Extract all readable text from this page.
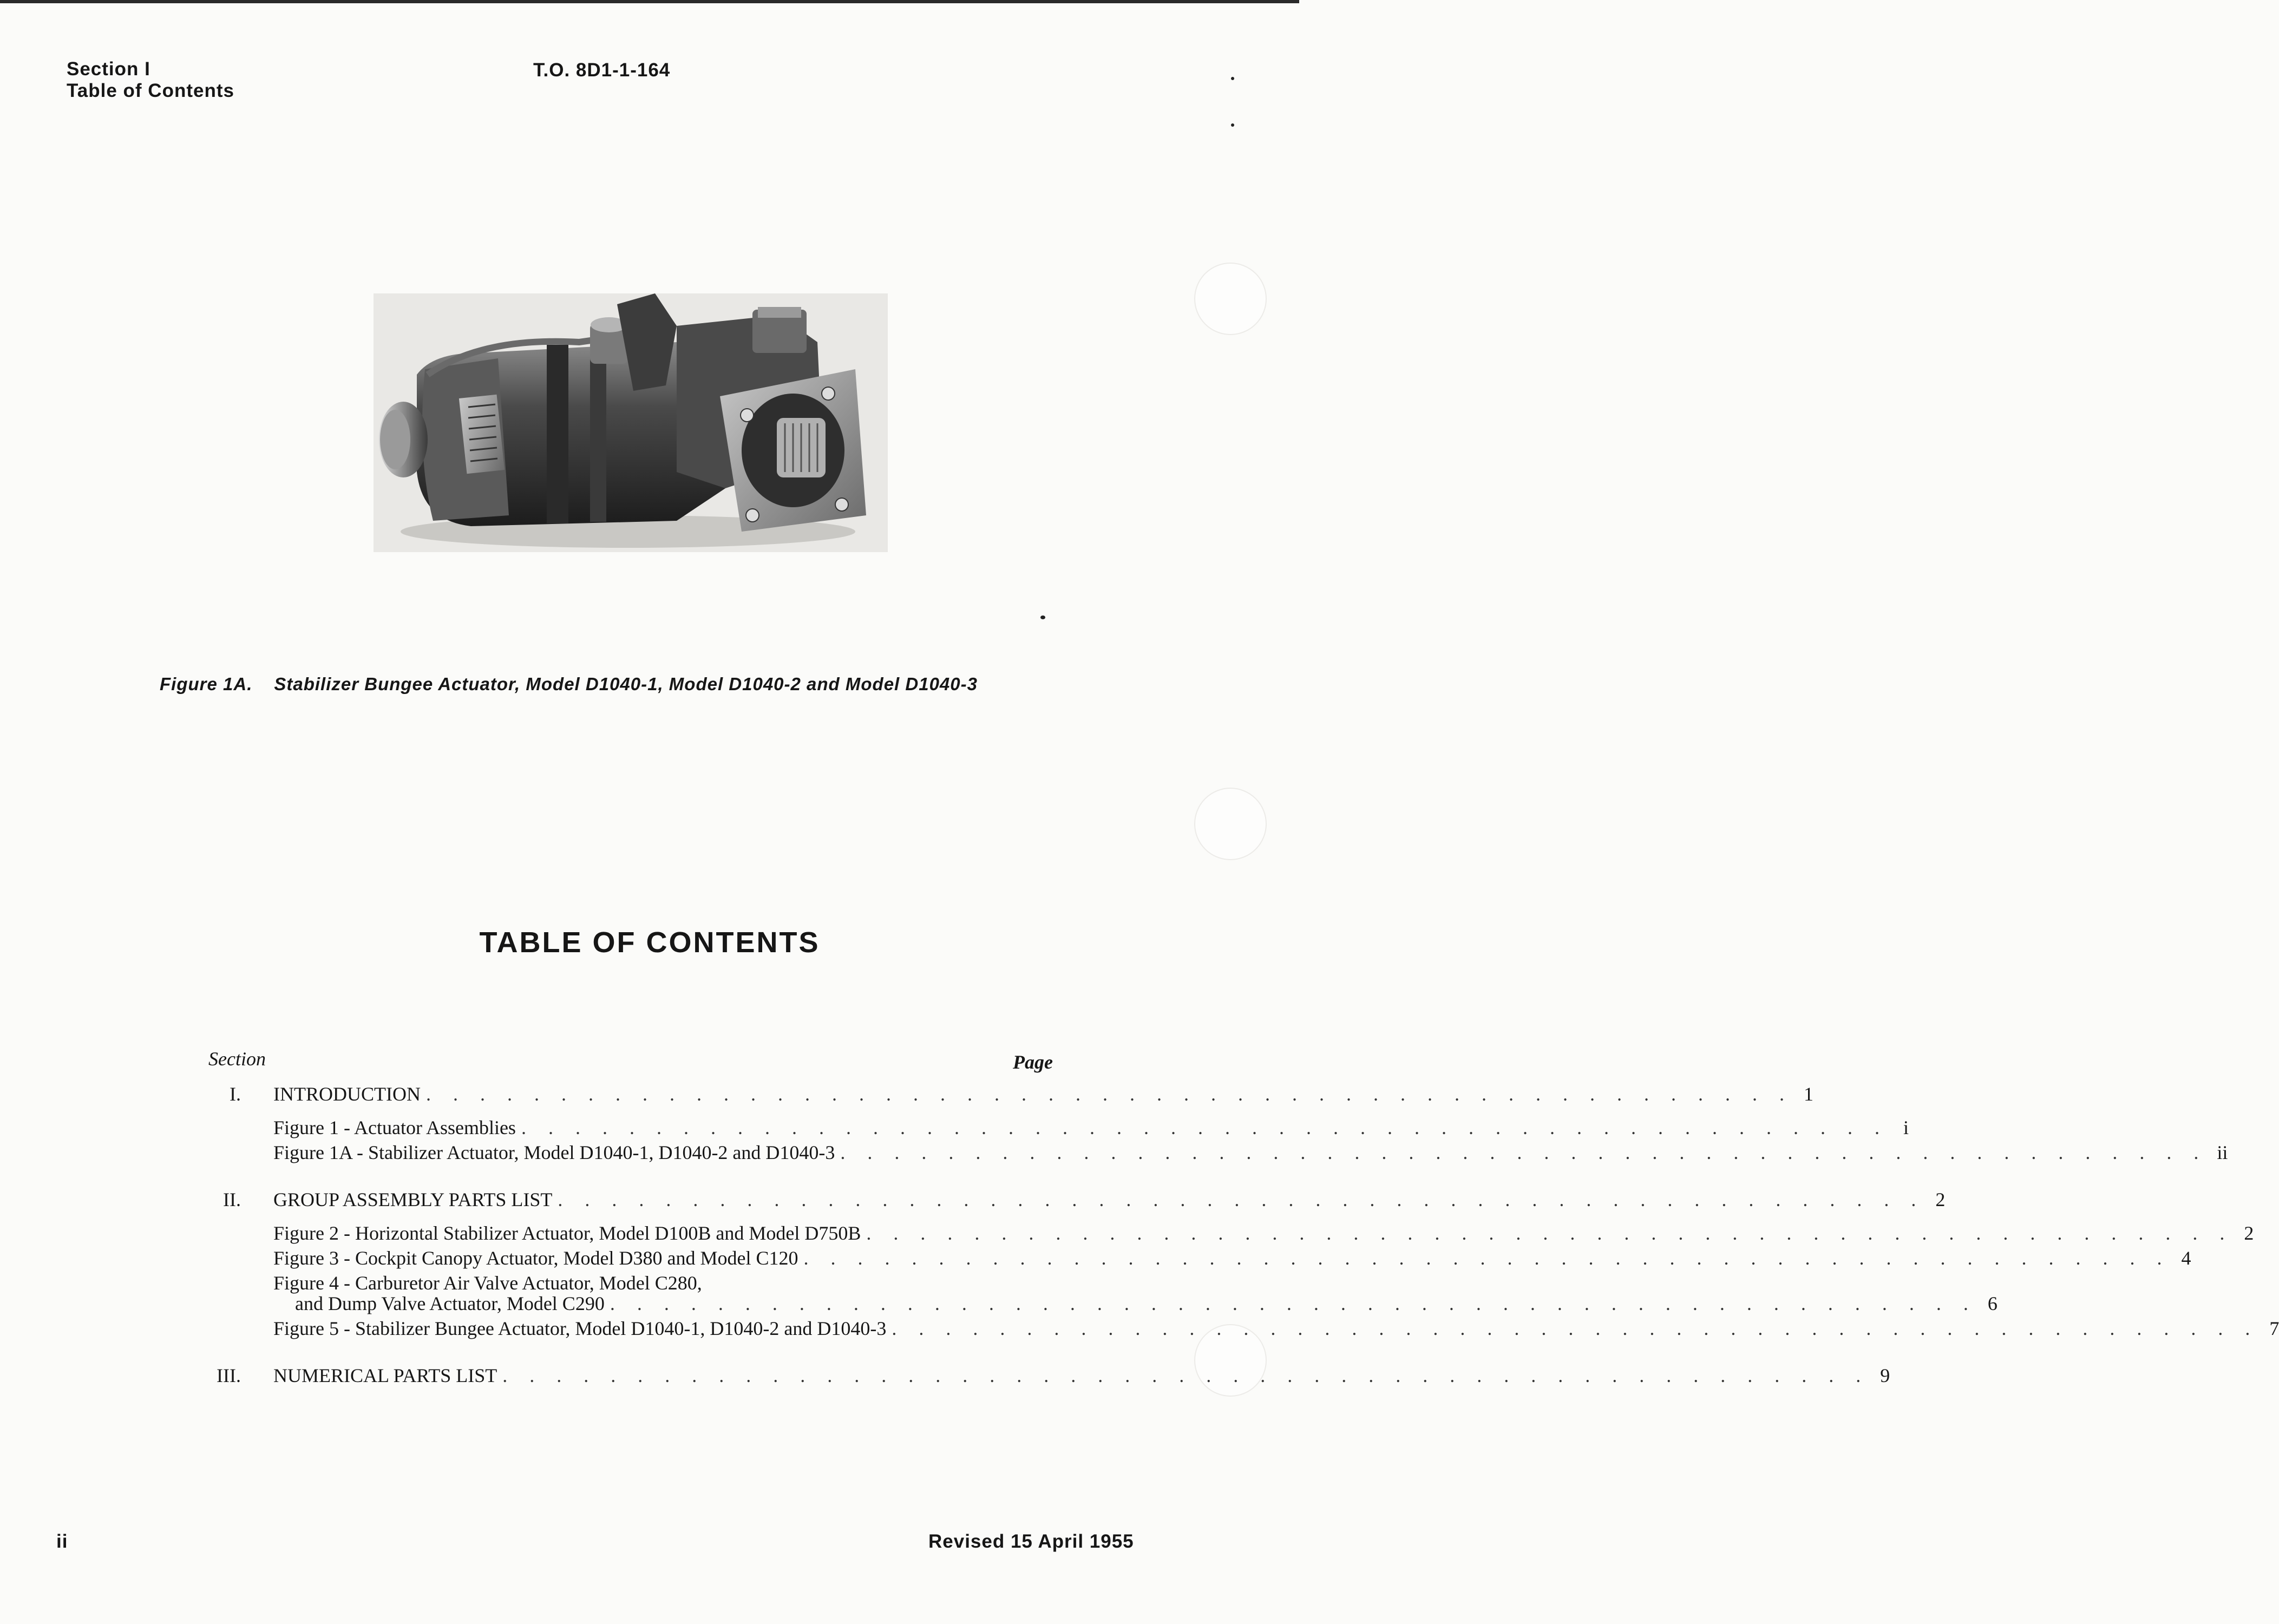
Section I
Table of Contents
T.O. 8D1-1-164
Figure 1A. Stabilizer Bungee Actuator, Model D1040-1, Model D1040-2 and Model D1040-3
TABLE OF CONTENTS
Section	Page
I. INTRODUCTION . . . . . . . . . . . . . . . . . . . . . . . . . . . . . . . . . . . . . . . . . . . . . . . . . . . 1
Figure 1 - Actuator Assemblies . . . . . . . . . . . . . . . . . . . . . . . . . . . . . . . . . . . . . . . . . . . . . . . . . . . i
Figure 1A - Stabilizer Actuator, Model D1040-1, D1040-2 and D1040-3 . . . . . . . . . . . . . . . . . . . . . . . . . . . . . . . . . . . . . . . . . . . . . . . . . . . ii
II. GROUP ASSEMBLY PARTS LIST . . . . . . . . . . . . . . . . . . . . . . . . . . . . . . . . . . . . . . . . . . . . . . . . . . . 2
Figure 2 - Horizontal Stabilizer Actuator, Model D100B and Model D750B . . . . . . . . . . . . . . . . . . . . . . . . . . . . . . . . . . . . . . . . . . . . . . . . . . . 2
Figure 3 - Cockpit Canopy Actuator, Model D380 and Model C120 . . . . . . . . . . . . . . . . . . . . . . . . . . . . . . . . . . . . . . . . . . . . . . . . . . . 4
Figure 4 - Carburetor Air Valve Actuator, Model C280,
and Dump Valve Actuator, Model C290 . . . . . . . . . . . . . . . . . . . . . . . . . . . . . . . . . . . . . . . . . . . . . . . . . . . 6
Figure 5 - Stabilizer Bungee Actuator, Model D1040-1, D1040-2 and D1040-3 . . . . . . . . . . . . . . . . . . . . . . . . . . . . . . . . . . . . . . . . . . . . . . . . . . . 7
III. NUMERICAL PARTS LIST . . . . . . . . . . . . . . . . . . . . . . . . . . . . . . . . . . . . . . . . . . . . . . . . . . . 9
ii	Revised 15 April 1955
